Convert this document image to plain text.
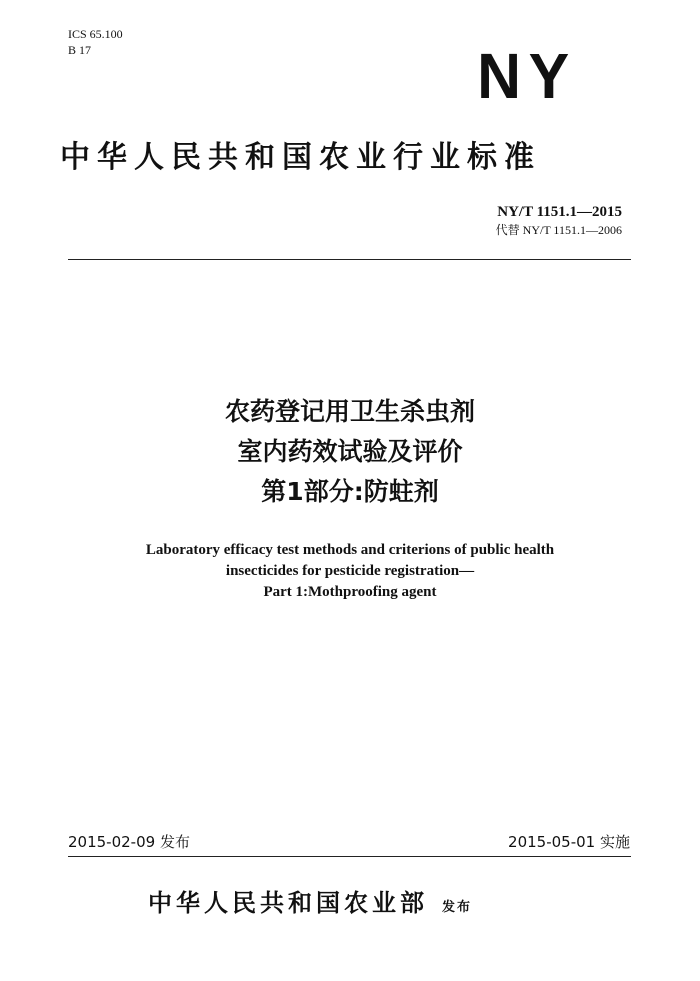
ICS 65.100
B 17	NY
中华人民共和国农业行业标准
NY/T 1151.1—2015
代替 NY/T 1151.1—2006
农药登记用卫生杀虫剂
室内药效试验及评价
第1部分:防蛀剂
Laboratory efficacy test methods and criterions of public health
insecticides for pesticide registration—
Part 1:Mothproofing agent
2015-02-09 发布	2015-05-01 实施
中华人民共和国农业部 发布
